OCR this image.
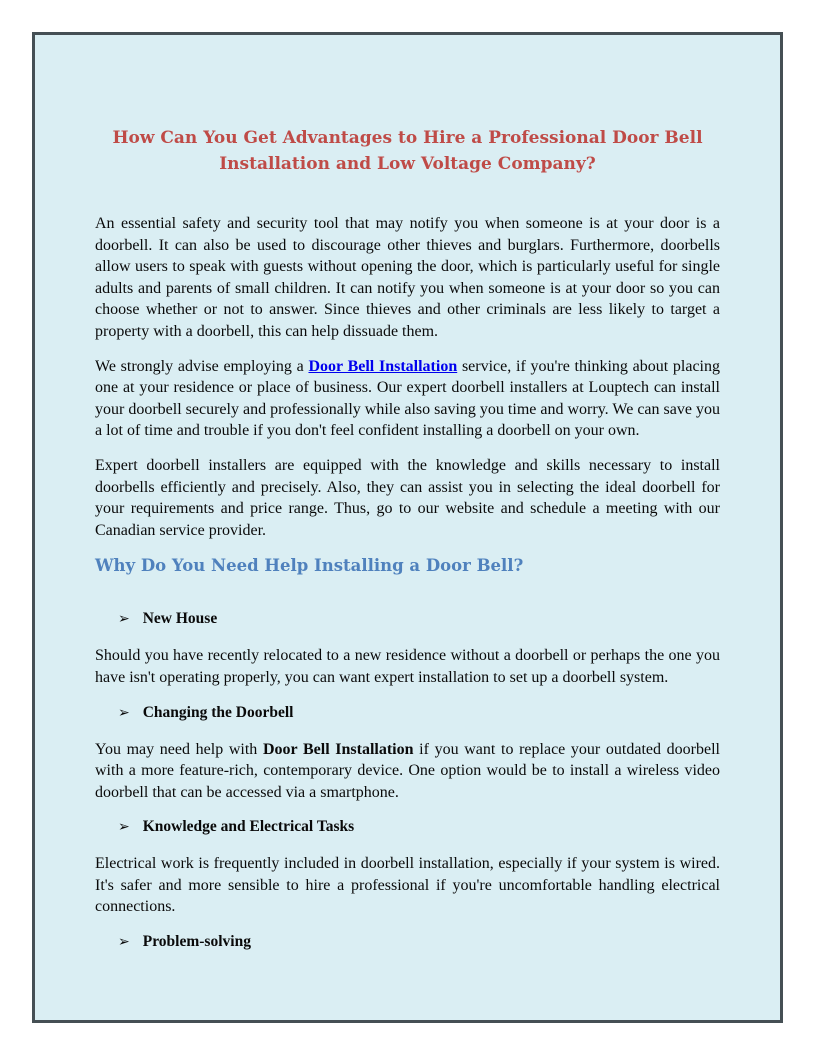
How Can You Get Advantages to Hire a Professional Door Bell
Installation and Low Voltage Company?

An essential safety and security tool that may notify you when someone is at your door is a doorbell. It can also be used to discourage other thieves and burglars. Furthermore, doorbells allow users to speak with guests without opening the door, which is particularly useful for single adults and parents of small children. It can notify you when someone is at your door so you can choose whether or not to answer. Since thieves and other criminals are less likely to target a property with a doorbell, this can help dissuade them.

We strongly advise employing a Door Bell Installation service, if you're thinking about placing one at your residence or place of business. Our expert doorbell installers at Louptech can install your doorbell securely and professionally while also saving you time and worry. We can save you a lot of time and trouble if you don't feel confident installing a doorbell on your own.

Expert doorbell installers are equipped with the knowledge and skills necessary to install doorbells efficiently and precisely. Also, they can assist you in selecting the ideal doorbell for your requirements and price range. Thus, go to our website and schedule a meeting with our Canadian service provider.

Why Do You Need Help Installing a Door Bell?
➢ New House

Should you have recently relocated to a new residence without a doorbell or perhaps the one you have isn't operating properly, you can want expert installation to set up a doorbell system.

➢ Changing the Doorbell

You may need help with Door Bell Installation if you want to replace your outdated doorbell with a more feature-rich, contemporary device. One option would be to install a wireless video doorbell that can be accessed via a smartphone.

➢ Knowledge and Electrical Tasks

Electrical work is frequently included in doorbell installation, especially if your system is wired. It's safer and more sensible to hire a professional if you're uncomfortable handling electrical connections.

➢ Problem-solving
